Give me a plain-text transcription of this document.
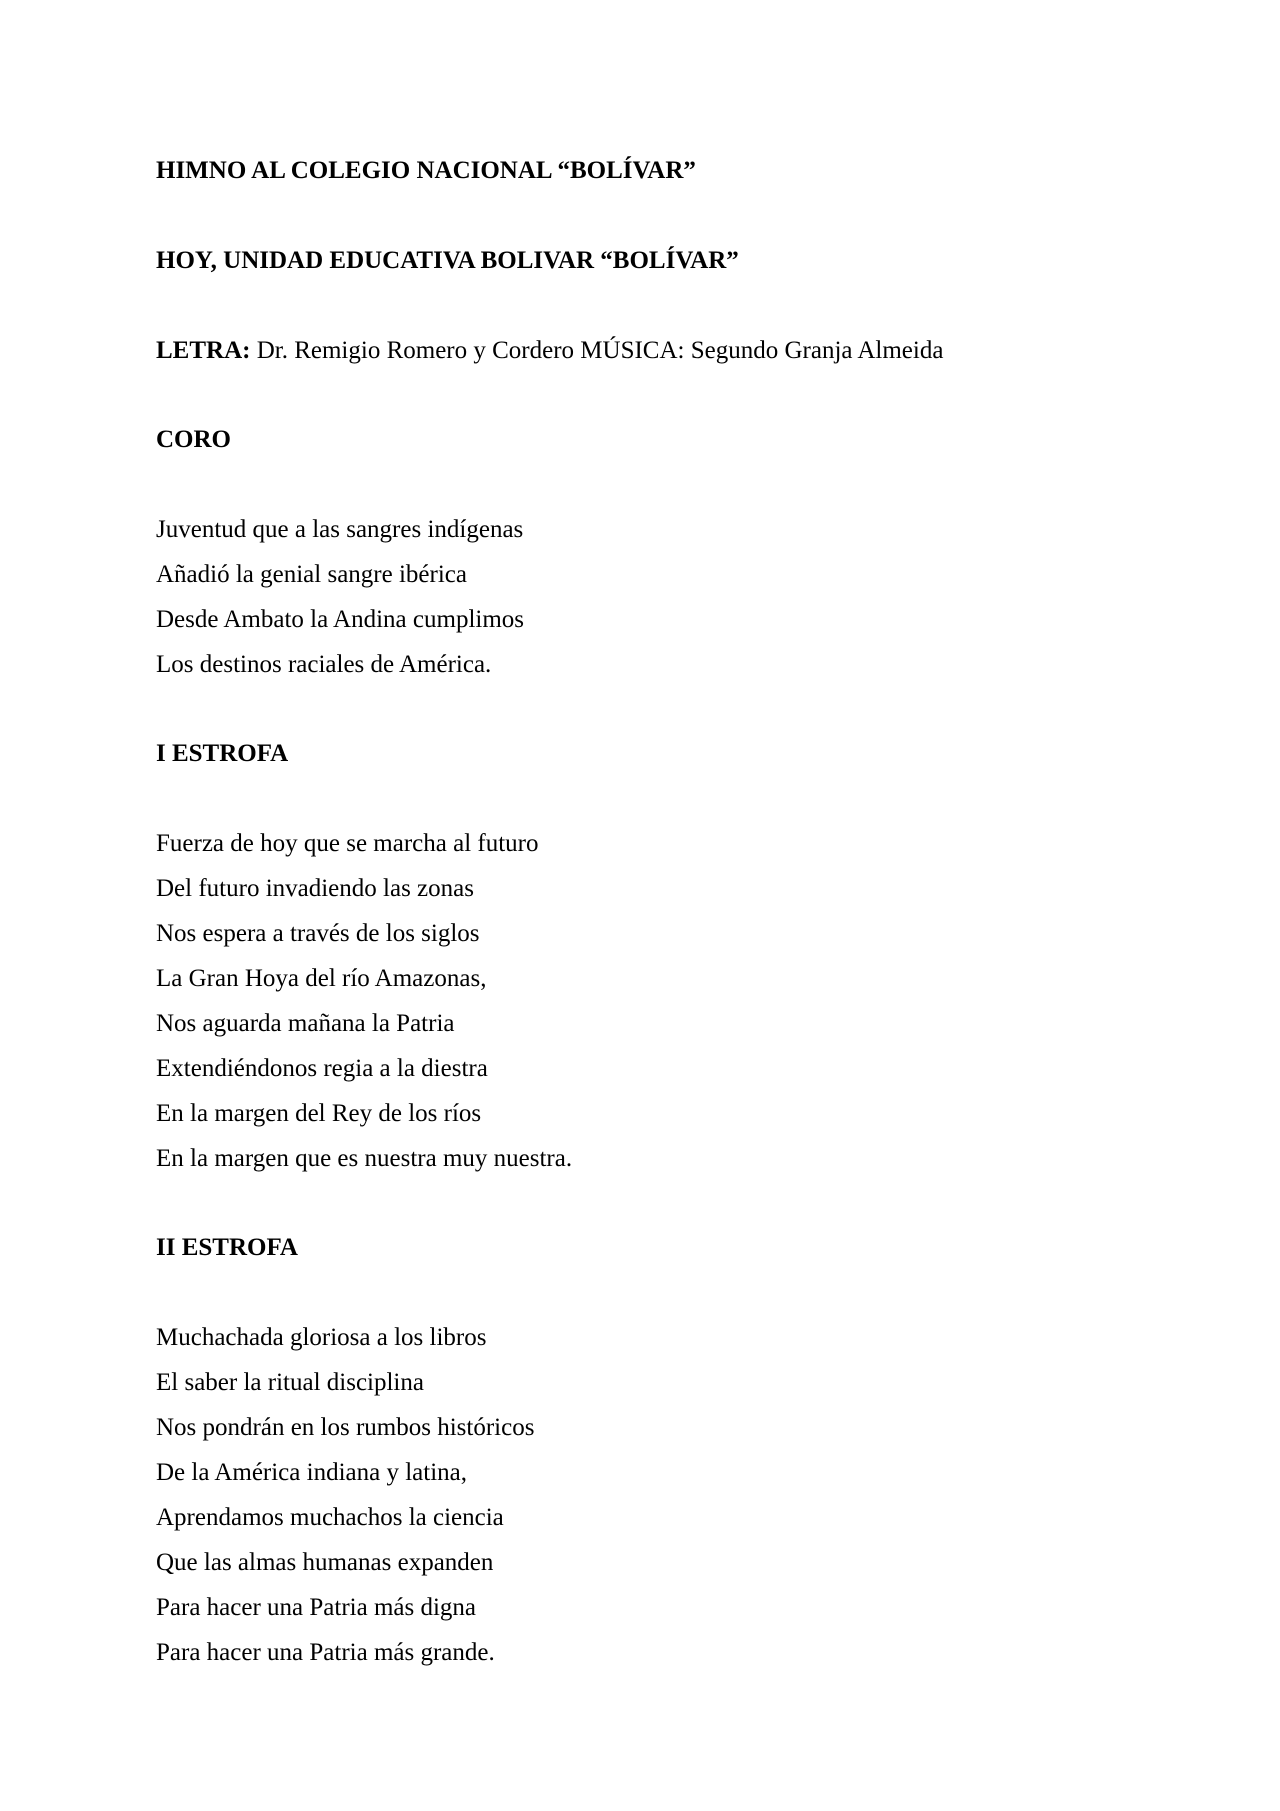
HIMNO AL COLEGIO NACIONAL “BOLÍVAR”
HOY, UNIDAD EDUCATIVA BOLIVAR “BOLÍVAR”
LETRA: Dr. Remigio Romero y Cordero MÚSICA: Segundo Granja Almeida
CORO
Juventud que a las sangres indígenas
Añadió la genial sangre ibérica
Desde Ambato la Andina cumplimos
Los destinos raciales de América.
I ESTROFA
Fuerza de hoy que se marcha al futuro
Del futuro invadiendo las zonas
Nos espera a través de los siglos
La Gran Hoya del río Amazonas,
Nos aguarda mañana la Patria
Extendiéndonos regia a la diestra
En la margen del Rey de los ríos
En la margen que es nuestra muy nuestra.
II ESTROFA
Muchachada gloriosa a los libros
El saber la ritual disciplina
Nos pondrán en los rumbos históricos
De la América indiana y latina,
Aprendamos muchachos la ciencia
Que las almas humanas expanden
Para hacer una Patria más digna
Para hacer una Patria más grande.
